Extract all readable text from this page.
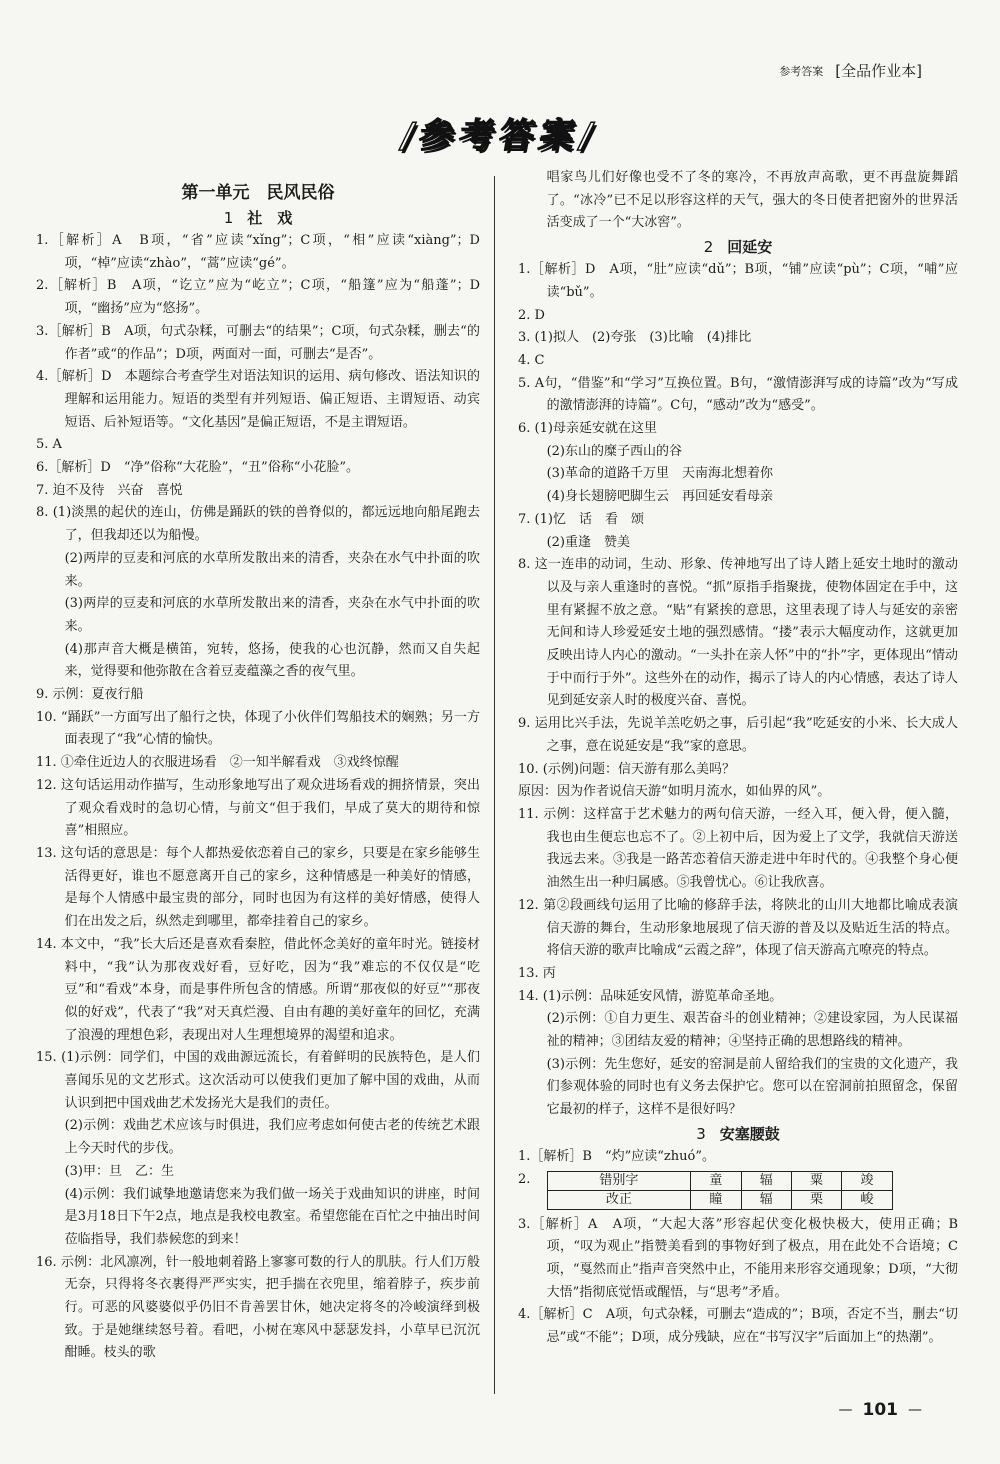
参考答案 [全品作业本]
/参考答案/
第一单元　民风民俗
1 社　戏
1.［解析］A　B项，“省”应读“xǐng”；C项，“相”应读“xiàng”；D项，“棹”应读“zhào”，“蒿”应读“gé”。
2.［解析］B　A项，“讫立”应为“屹立”；C项，“船篷”应为“船蓬”；D项，“幽扬”应为“悠扬”。
3.［解析］B　A项，句式杂糅，可删去“的结果”；C项，句式杂糅，删去“的作者”或“的作品”；D项，两面对一面，可删去“是否”。
4.［解析］D　本题综合考查学生对语法知识的运用、病句修改、语法知识的理解和运用能力。短语的类型有并列短语、偏正短语、主谓短语、动宾短语、后补短语等。“文化基因”是偏正短语，不是主谓短语。
5. A
6.［解析］D　“净”俗称“大花脸”，“丑”俗称“小花脸”。
7. 迫不及待　兴奋　喜悦
8. (1)淡黑的起伏的连山，仿佛是踊跃的铁的兽脊似的，都远远地向船尾跑去了，但我却还以为船慢。
(2)两岸的豆麦和河底的水草所发散出来的清香，夹杂在水气中扑面的吹来。
(3)两岸的豆麦和河底的水草所发散出来的清香，夹杂在水气中扑面的吹来。
(4)那声音大概是横笛，宛转，悠扬，使我的心也沉静，然而又自失起来，觉得要和他弥散在含着豆麦蕴藻之香的夜气里。
9. 示例：夏夜行船
10. “踊跃”一方面写出了船行之快，体现了小伙伴们驾船技术的娴熟；另一方面表现了“我”心情的愉快。
11. ①牵住近边人的衣服进场看　②一知半解看戏　③戏终惊醒
12. 这句话运用动作描写，生动形象地写出了观众进场看戏的拥挤情景，突出了观众看戏时的急切心情，与前文“但于我们，早成了莫大的期待和惊喜”相照应。
13. 这句话的意思是：每个人都热爱依恋着自己的家乡，只要是在家乡能够生活得更好，谁也不愿意离开自己的家乡，这种情感是一种美好的情感，是每个人情感中最宝贵的部分，同时也因为有这样的美好情感，使得人们在出发之后，纵然走到哪里，都牵挂着自己的家乡。
14. 本文中，“我”长大后还是喜欢看秦腔，借此怀念美好的童年时光。链接材料中，“我”认为那夜戏好看，豆好吃，因为“我”难忘的不仅仅是“吃豆”和“看戏”本身，而是事件所包含的情感。所谓“那夜似的好豆”“那夜似的好戏”，代表了“我”对天真烂漫、自由有趣的美好童年的回忆，充满了浪漫的理想色彩，表现出对人生理想境界的渴望和追求。
15. (1)示例：同学们，中国的戏曲源远流长，有着鲜明的民族特色，是人们喜闻乐见的文艺形式。这次活动可以使我们更加了解中国的戏曲，从而认识到把中国戏曲艺术发扬光大是我们的责任。
(2)示例：戏曲艺术应该与时俱进，我们应考虑如何使古老的传统艺术跟上今天时代的步伐。
(3)甲：旦　乙：生
(4)示例：我们诚挚地邀请您来为我们做一场关于戏曲知识的讲座，时间是3月18日下午2点，地点是我校电教室。希望您能在百忙之中抽出时间莅临指导，我们恭候您的到来！
16. 示例：北风凛冽，针一般地刺着路上寥寥可数的行人的肌肤。行人们万般无奈，只得将冬衣裹得严严实实，把手揣在衣兜里，缩着脖子，疾步前行。可恶的风婆婆似乎仍旧不肯善罢甘休，她决定将冬的冷峻演绎到极致。于是她继续怒号着。看吧，小树在寒风中瑟瑟发抖，小草早已沉沉酣睡。枝头的歌
唱家鸟儿们好像也受不了冬的寒冷，不再放声高歌，更不再盘旋舞蹈了。“冰冷”已不足以形容这样的天气，强大的冬日使者把窗外的世界活活变成了一个“大冰窖”。
2 回延安
1.［解析］D　A项，“肚”应读“dǔ”；B项，“铺”应读“pù”；C项，“哺”应读“bǔ”。
2. D
3. (1)拟人　(2)夸张　(3)比喻　(4)排比
4. C
5. A句，“借鉴”和“学习”互换位置。B句，“激情澎湃写成的诗篇”改为“写成的激情澎湃的诗篇”。C句，“感动”改为“感受”。
6. (1)母亲延安就在这里
(2)东山的糜子西山的谷
(3)革命的道路千万里　天南海北想着你
(4)身长翅膀吧脚生云　再回延安看母亲
7. (1)忆　话　看　颂
(2)重逢　赞美
8. 这一连串的动词，生动、形象、传神地写出了诗人踏上延安土地时的激动以及与亲人重逢时的喜悦。“抓”原指手指聚拢，使物体固定在手中，这里有紧握不放之意。“贴”有紧挨的意思，这里表现了诗人与延安的亲密无间和诗人珍爱延安土地的强烈感情。“搂”表示大幅度动作，这就更加反映出诗人内心的激动。“一头扑在亲人怀”中的“扑”字，更体现出“情动于中而行于外”。这些外在的动作，揭示了诗人的内心情感，表达了诗人见到延安亲人时的极度兴奋、喜悦。
9. 运用比兴手法，先说羊羔吃奶之事，后引起“我”吃延安的小米、长大成人之事，意在说延安是“我”家的意思。
10. (示例)问题：信天游有那么美吗？
原因：因为作者说信天游“如明月流水，如仙界的风”。
11. 示例：这样富于艺术魅力的两句信天游，一经入耳，便入骨，便入髓，我也由生便忘也忘不了。②上初中后，因为爱上了文学，我就信天游送我远去来。③我是一路苦恋着信天游走进中年时代的。④我整个身心便油然生出一种归属感。⑤我曾忧心。⑥让我欣喜。
12. 第②段画线句运用了比喻的修辞手法，将陕北的山川大地都比喻成表演信天游的舞台，生动形象地展现了信天游的普及以及贴近生活的特点。将信天游的歌声比喻成“云霞之辞”，体现了信天游高亢嘹亮的特点。
13. 丙
14. (1)示例：品味延安风情，游览革命圣地。
(2)示例：①自力更生、艰苦奋斗的创业精神；②建设家园，为人民谋福祉的精神；③团结友爱的精神；④坚持正确的思想路线的精神。
(3)示例：先生您好，延安的窑洞是前人留给我们的宝贵的文化遗产，我们参观体验的同时也有义务去保护它。您可以在窑洞前拍照留念，保留它最初的样子，这样不是很好吗？
3 安塞腰鼓
1.［解析］B　“灼”应读“zhuó”。
2.	错别字	童	辐	粟	竣
改正	瞳	辐	栗	峻
3.［解析］A　A项，“大起大落”形容起伏变化极快极大，使用正确；B项，“叹为观止”指赞美看到的事物好到了极点，用在此处不合语境；C项，“戛然而止”指声音突然中止，不能用来形容交通现象；D项，“大彻大悟”指彻底觉悟或醒悟，与“思考”矛盾。
4.［解析］C　A项，句式杂糅，可删去“造成的”；B项，否定不当，删去“切忌”或“不能”；D项，成分残缺，应在“书写汉字”后面加上“的热潮”。
— 101 —
